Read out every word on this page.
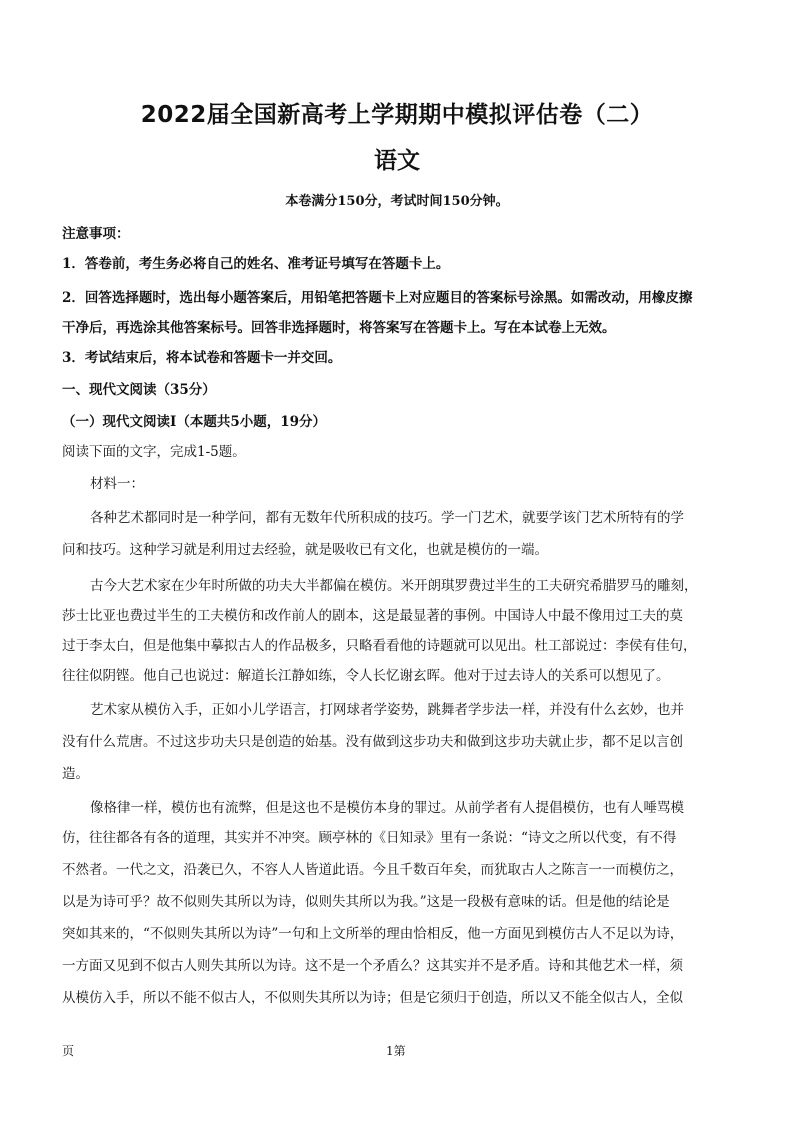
2022届全国新高考上学期期中模拟评估卷（二）
语文
本卷满分150分，考试时间150分钟。
注意事项：
1．答卷前，考生务必将自己的姓名、准考证号填写在答题卡上。
2．回答选择题时，选出每小题答案后，用铅笔把答题卡上对应题目的答案标号涂黑。如需改动，用橡皮擦
干净后，再选涂其他答案标号。回答非选择题时，将答案写在答题卡上。写在本试卷上无效。
3．考试结束后，将本试卷和答题卡一并交回。
一、现代文阅读（35分）
（一）现代文阅读Ⅰ（本题共5小题，19分）
阅读下面的文字，完成1-5题。
材料一：
各种艺术都同时是一种学问，都有无数年代所积成的技巧。学一门艺术，就要学该门艺术所特有的学
问和技巧。这种学习就是利用过去经验，就是吸收已有文化，也就是模仿的一端。
古今大艺术家在少年时所做的功夫大半都偏在模仿。米开朗琪罗费过半生的工夫研究希腊罗马的雕刻，
莎士比亚也费过半生的工夫模仿和改作前人的剧本，这是最显著的事例。中国诗人中最不像用过工夫的莫
过于李太白，但是他集中摹拟古人的作品极多，只略看看他的诗题就可以见出。杜工部说过：李侯有佳句，
往往似阴铿。他自己也说过：解道长江静如练，令人长忆谢玄晖。他对于过去诗人的关系可以想见了。
艺术家从模仿入手，正如小儿学语言，打网球者学姿势，跳舞者学步法一样，并没有什么玄妙，也并
没有什么荒唐。不过这步功夫只是创造的始基。没有做到这步功夫和做到这步功夫就止步，都不足以言创
造。
像格律一样，模仿也有流弊，但是这也不是模仿本身的罪过。从前学者有人提倡模仿，也有人唾骂模
仿，往往都各有各的道理，其实并不冲突。顾亭林的《日知录》里有一条说：“诗文之所以代变，有不得
不然者。一代之文，沿袭已久，不容人人皆道此语。今且千数百年矣，而犹取古人之陈言一一而模仿之，
以是为诗可乎？故不似则失其所以为诗，似则失其所以为我。”这是一段极有意味的话。但是他的结论是
突如其来的，“不似则失其所以为诗”一句和上文所举的理由恰相反，他一方面见到模仿古人不足以为诗，
一方面又见到不似古人则失其所以为诗。这不是一个矛盾么？这其实并不是矛盾。诗和其他艺术一样，须
从模仿入手，所以不能不似古人，不似则失其所以为诗；但是它须归于创造，所以又不能全似古人，全似
页	1第
